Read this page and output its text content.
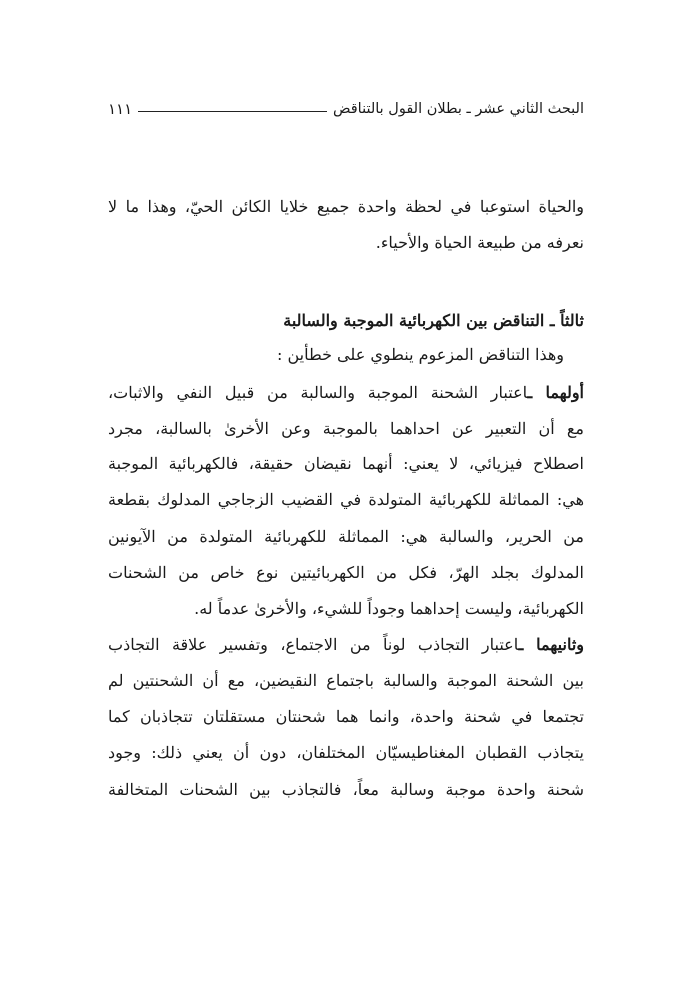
البحث الثاني عشر ـ بطلان القول بالتناقض
١١١
والحياة استوعبا في لحظة واحدة جميع خلايا الكائن الحيّ، وهذا ما لا
نعرفه من طبيعة الحياة والأحياء.
ثالثاً ـ التناقض بين الكهربائية الموجبة والسالبة
وهذا التناقض المزعوم ينطوي على خطأين :
أولهما ـاعتبار الشحنة الموجبة والسالبة من قبيل النفي والاثبات،
مع أن التعبير عن احداهما بالموجبة وعن الأخرىٰ بالسالبة، مجرد
اصطلاح فيزيائي، لا يعني: أنهما نقيضان حقيقة، فالكهربائية الموجبة
هي: المماثلة للكهربائية المتولدة في القضيب الزجاجي المدلوك بقطعة
من الحرير، والسالبة هي: المماثلة للكهربائية المتولدة من الآيونين
المدلوك بجلد الهرّ، فكل من الكهربائيتين نوع خاص من الشحنات
الكهربائية، وليست إحداهما وجوداً للشيء، والأخرىٰ عدماً له.
وثانيهما ـاعتبار التجاذب لوناً من الاجتماع، وتفسير علاقة التجاذب
بين الشحنة الموجبة والسالبة باجتماع النقيضين، مع أن الشحنتين لم
تجتمعا في شحنة واحدة، وانما هما شحنتان مستقلتان تتجاذبان كما
يتجاذب القطبان المغناطيسيّان المختلفان، دون أن يعني ذلك: وجود
شحنة واحدة موجبة وسالبة معاً، فالتجاذب بين الشحنات المتخالفة
